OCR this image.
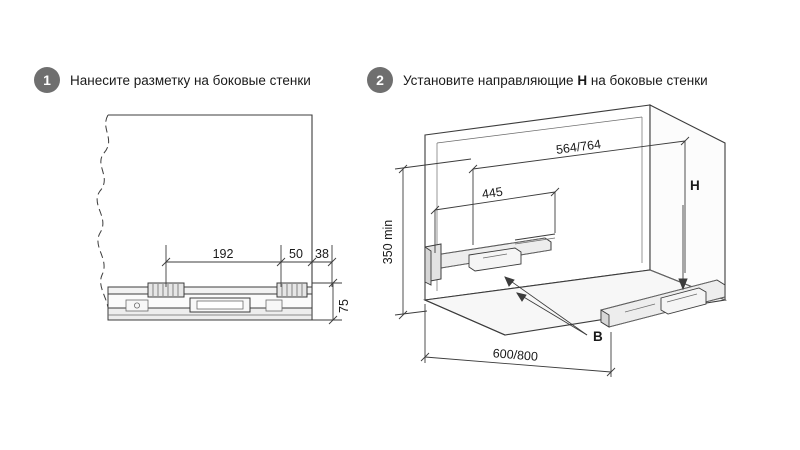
1	Нанесите разметку на боковые стенки	2	Установите направляющие H на боковые стенки
192	50 38
75
564/764
445
350 min
600/800
H
B
